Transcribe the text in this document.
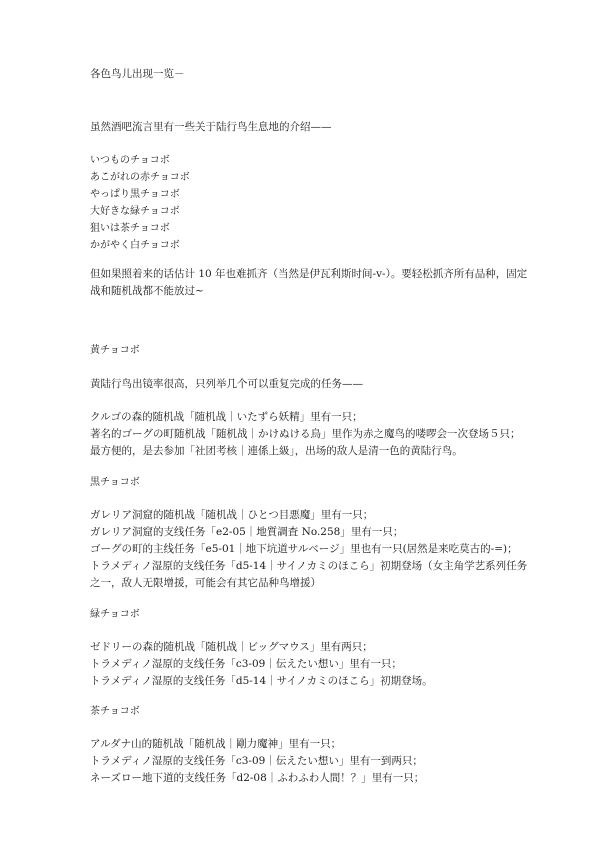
各色鸟儿出现一览－
虽然酒吧流言里有一些关于陆行鸟生息地的介绍——
いつものチョコボ
あこがれの赤チョコボ
やっぱり黒チョコボ
大好きな緑チョコボ
狙いは茶チョコボ
かがやく白チョコボ
但如果照着来的话估计 10 年也难抓齐（当然是伊瓦利斯时间-v-）。要轻松抓齐所有品种，固定战和随机战都不能放过~
黄チョコボ
黄陆行鸟出镜率很高，只列举几个可以重复完成的任务——
クルゴの森的随机战「随机战｜いたずら妖精」里有一只；
著名的ゴーグの町随机战「随机战｜かけぬける鳥」里作为赤之魔鸟的喽啰会一次登场５只；
最方便的，是去参加「社团考核｜連係上級」，出场的敌人是清一色的黄陆行鸟。
黒チョコボ
ガレリア洞窟的随机战「随机战｜ひとつ目悪魔」里有一只；
ガレリア洞窟的支线任务「e2-05｜地質調査 No.258」里有一只；
ゴーグの町的主线任务「e5-01｜地下坑道サルベージ」里也有一只(居然是来吃莫古的-=)；
トラメディノ湿原的支线任务「d5-14｜サイノカミのほこら」初期登场（女主角学艺系列任务之一，敌人无限增援，可能会有其它品种鸟增援）
緑チョコボ
ゼドリーの森的随机战「随机战｜ビッグマウス」里有两只；
トラメディノ湿原的支线任务「c3-09｜伝えたい想い」里有一只；
トラメディノ湿原的支线任务「d5-14｜サイノカミのほこら」初期登场。
茶チョコボ
アルダナ山的随机战「随机战｜剛力魔神」里有一只；
トラメディノ湿原的支线任务「c3-09｜伝えたい想い」里有一到两只；
ネーズロー地下道的支线任务「d2-08｜ふわふわ人間！？」里有一只；
